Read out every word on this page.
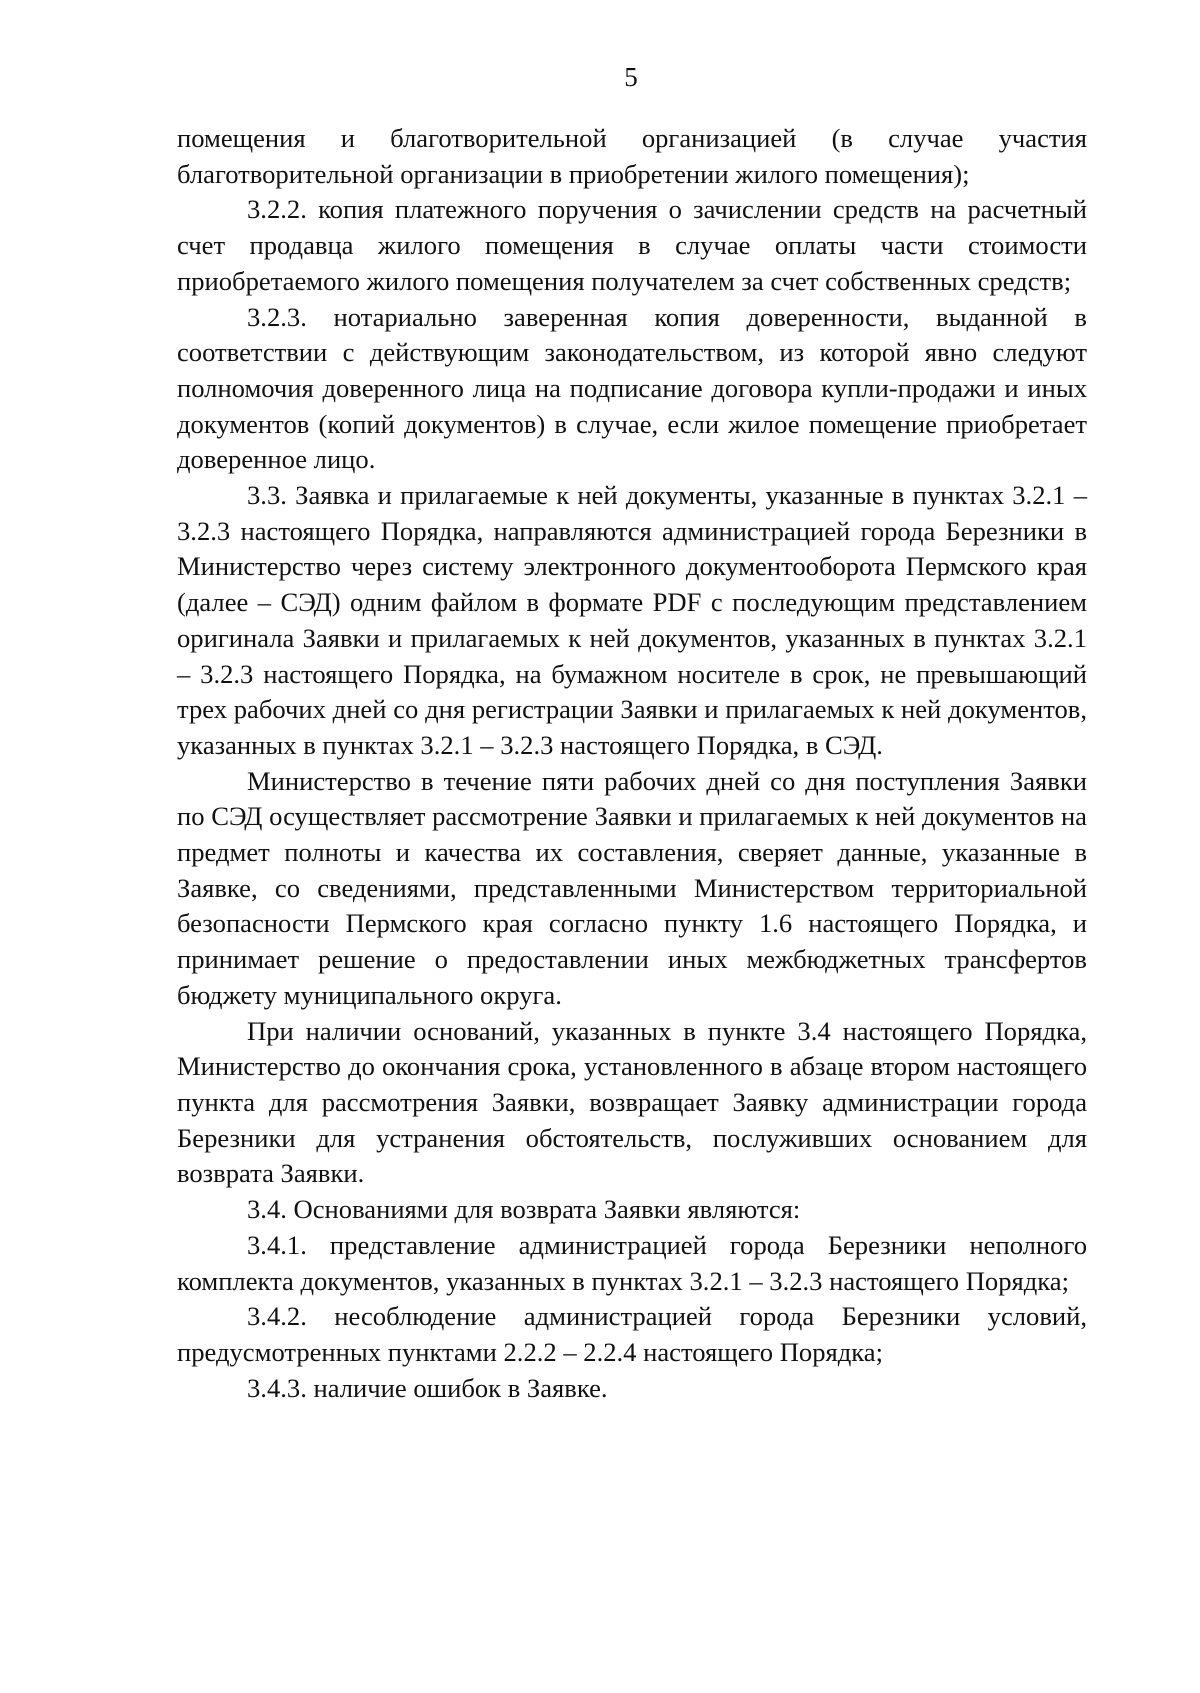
5

помещения и благотворительной организацией (в случае участия благотворительной организации в приобретении жилого помещения);

3.2.2. копия платежного поручения о зачислении средств на расчетный счет продавца жилого помещения в случае оплаты части стоимости приобретаемого жилого помещения получателем за счет собственных средств;

3.2.3. нотариально заверенная копия доверенности, выданной в соответствии с действующим законодательством, из которой явно следуют полномочия доверенного лица на подписание договора купли-продажи и иных документов (копий документов) в случае, если жилое помещение приобретает доверенное лицо.

3.3. Заявка и прилагаемые к ней документы, указанные в пунктах 3.2.1 – 3.2.3 настоящего Порядка, направляются администрацией города Березники в Министерство через систему электронного документооборота Пермского края (далее – СЭД) одним файлом в формате PDF с последующим представлением оригинала Заявки и прилагаемых к ней документов, указанных в пунктах 3.2.1 – 3.2.3 настоящего Порядка, на бумажном носителе в срок, не превышающий трех рабочих дней со дня регистрации Заявки и прилагаемых к ней документов, указанных в пунктах 3.2.1 – 3.2.3 настоящего Порядка, в СЭД.

Министерство в течение пяти рабочих дней со дня поступления Заявки по СЭД осуществляет рассмотрение Заявки и прилагаемых к ней документов на предмет полноты и качества их составления, сверяет данные, указанные в Заявке, со сведениями, представленными Министерством территориальной безопасности Пермского края согласно пункту 1.6 настоящего Порядка, и принимает решение о предоставлении иных межбюджетных трансфертов бюджету муниципального округа.

При наличии оснований, указанных в пункте 3.4 настоящего Порядка, Министерство до окончания срока, установленного в абзаце втором настоящего пункта для рассмотрения Заявки, возвращает Заявку администрации города Березники для устранения обстоятельств, послуживших основанием для возврата Заявки.

3.4. Основаниями для возврата Заявки являются:

3.4.1. представление администрацией города Березники неполного комплекта документов, указанных в пунктах 3.2.1 – 3.2.3 настоящего Порядка;

3.4.2. несоблюдение администрацией города Березники условий, предусмотренных пунктами 2.2.2 – 2.2.4 настоящего Порядка;

3.4.3. наличие ошибок в Заявке.
